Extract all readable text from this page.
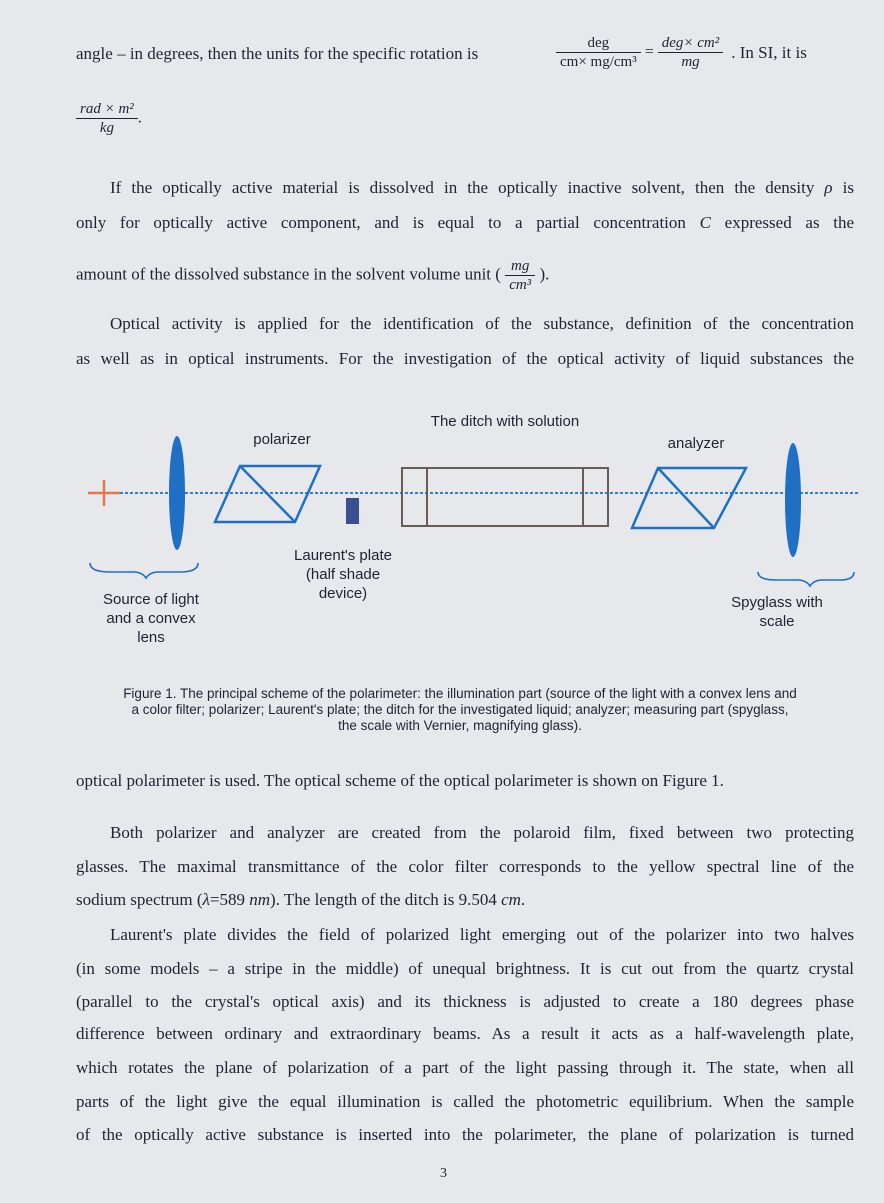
angle – in degrees, then the units for the specific rotation is	$\frac{\text{deg}}{\text{cm× mg/cm³}} = \frac{\text{deg× cm²}}{mg}$ . In SI, it is
$\frac{\text{rad × m²}}{kg}$ .
If the optically active material is dissolved in the optically inactive solvent, then the density ρ is
only for optically active component, and is equal to a partial concentration C expressed as the
amount of the dissolved substance in the solvent volume unit ( $\frac{mg}{\text{cm³}}$ ).
Optical activity is applied for the identification of the substance, definition of the concentration
as well as in optical instruments. For the investigation of the optical activity of liquid substances the
The ditch with solution
polarizer	analyzer
Laurent's plate
(half shade
device)
Source of light
and a convex
lens
Spyglass with
scale
Figure 1. The principal scheme of the polarimeter: the illumination part (source of the light with a convex lens and
a color filter; polarizer; Laurent's plate; the ditch for the investigated liquid; analyzer; measuring part (spyglass,
the scale with Vernier, magnifying glass).
optical polarimeter is used. The optical scheme of the optical polarimeter is shown on Figure 1.
Both polarizer and analyzer are created from the polaroid film, fixed between two protecting
glasses. The maximal transmittance of the color filter corresponds to the yellow spectral line of the
sodium spectrum (λ=589 nm). The length of the ditch is 9.504 cm.
Laurent's plate divides the field of polarized light emerging out of the polarizer into two halves
(in some models – a stripe in the middle) of unequal brightness. It is cut out from the quartz crystal
(parallel to the crystal's optical axis) and its thickness is adjusted to create a 180 degrees phase
difference between ordinary and extraordinary beams. As a result it acts as a half-wavelength plate,
which rotates the plane of polarization of a part of the light passing through it. The state, when all
parts of the light give the equal illumination is called the photometric equilibrium. When the sample
of the optically active substance is inserted into the polarimeter, the plane of polarization is turned
3
